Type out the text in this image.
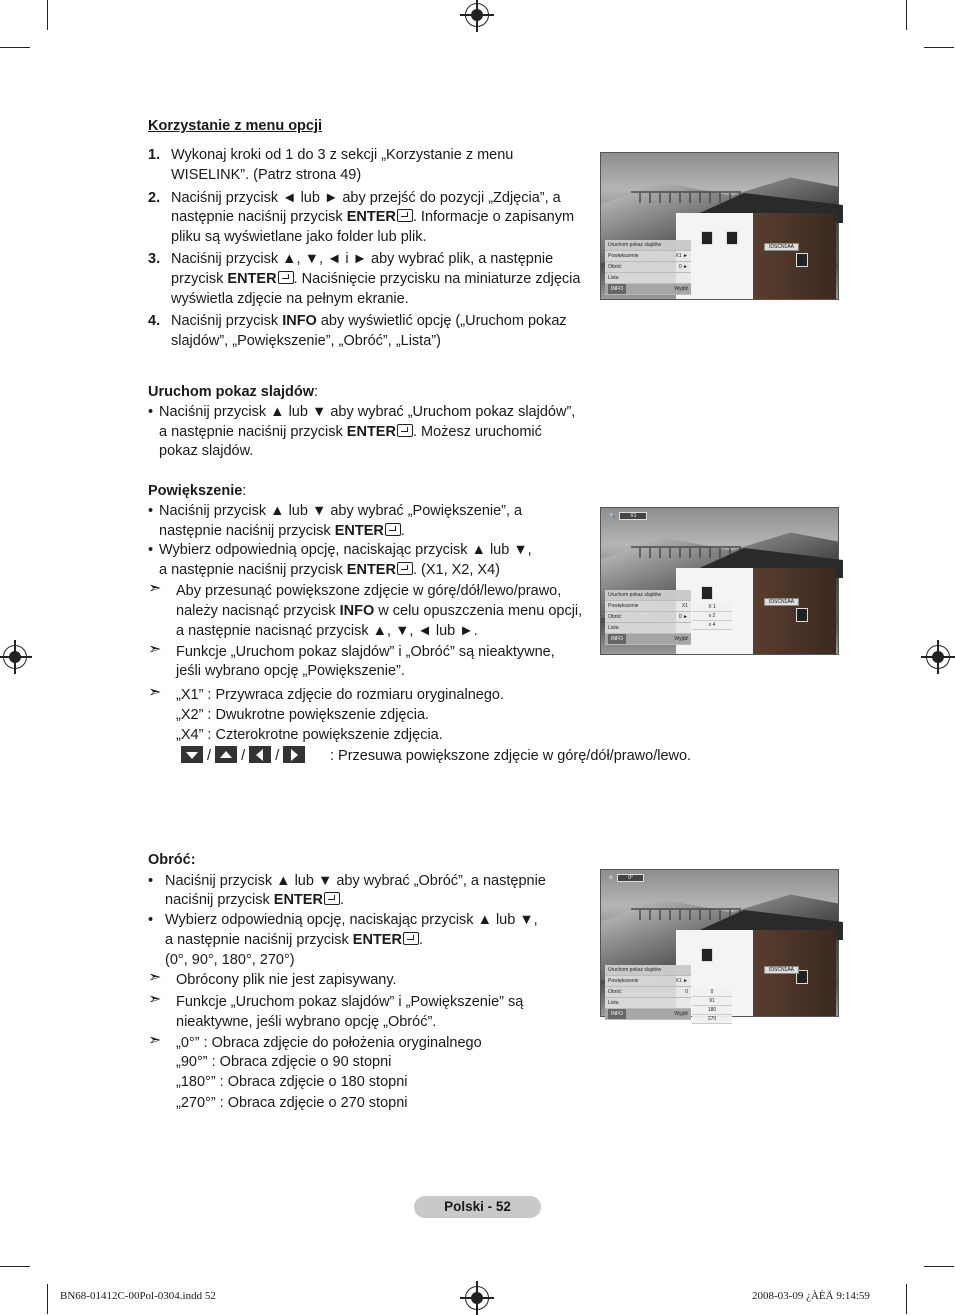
Korzystanie z menu opcji
1. Wykonaj kroki od 1 do 3 z sekcji „Korzystanie z menu
WISELINK”. (Patrz strona 49)
2. Naciśnij przycisk ◄ lub ► aby przejść do pozycji „Zdjęcia”, a
następnie naciśnij przycisk ENTER . Informacje o zapisanym
pliku są wyświetlane jako folder lub plik.
3. Naciśnij przycisk ▲, ▼, ◄ i ► aby wybrać plik, a następnie
przycisk ENTER . Naciśnięcie przycisku na miniaturze zdjęcia
wyświetla zdjęcie na pełnym ekranie.
4. Naciśnij przycisk INFO aby wyświetlić opcję („Uruchom pokaz
slajdów”, „Powiększenie”, „Obróć”, „Lista”)
Uruchom pokaz slajdów:
• Naciśnij przycisk ▲ lub ▼ aby wybrać „Uruchom pokaz slajdów”,
a następnie naciśnij przycisk ENTER . Możesz uruchomić
pokaz slajdów.
Powiększenie:
• Naciśnij przycisk ▲ lub ▼ aby wybrać „Powiększenie”, a
następnie naciśnij przycisk ENTER .
• Wybierz odpowiednią opcję, naciskając przycisk ▲ lub ▼,
a następnie naciśnij przycisk ENTER . (X1, X2, X4)
➣ Aby przesunąć powiększone zdjęcie w górę/dół/lewo/prawo,
należy nacisnąć przycisk INFO w celu opuszczenia menu opcji,
a następnie nacisnąć przycisk ▲, ▼, ◄ lub ►.
➣ Funkcje „Uruchom pokaz slajdów” i „Obróć” są nieaktywne,
jeśli wybrano opcję „Powiększenie”.
➣ „X1” : Przywraca zdjęcie do rozmiaru oryginalnego.
„X2” : Dwukrotne powiększenie zdjęcia.
„X4” : Czterokrotne powiększenie zdjęcia.
/ / /	: Przesuwa powiększone zdjęcie w górę/dół/prawo/lewo.
Obróć:
• Naciśnij przycisk ▲ lub ▼ aby wybrać „Obróć”, a następnie
naciśnij przycisk ENTER .
• Wybierz odpowiednią opcję, naciskając przycisk ▲ lub ▼,
a następnie naciśnij przycisk ENTER .
(0°, 90°, 180°, 270°)
➣ Obrócony plik nie jest zapisywany.
➣ Funkcje „Uruchom pokaz slajdów” i „Powiększenie” są
nieaktywne, jeśli wybrano opcję „Obróć”.
➣ „0°” : Obraca zdjęcie do położenia oryginalnego
„90°” : Obraca zdjęcie o 90 stopni
„180°” : Obraca zdjęcie o 180 stopni
„270°” : Obraca zdjęcie o 270 stopni
IDSCN1AA
Uruchom pokaz slajdów
Powiększenie	X1 ►
Obróć	0 ►
Lista
INFO	Wyjdź
IDSCN1AA
🔍	X1
Uruchom pokaz slajdów
Powiększenie	X1
Obróć	0 ►
Lista
INFO	Wyjdź
X 1
x 2
x 4
IDSCN1AA
⟳	0°
Uruchom pokaz slajdów
Powiększenie	X1 ►
Obróć	0
Lista
INFO	Wyjdź
0
91
180
270
Polski - 52
BN68-01412C-00Pol-0304.indd 52	2008-03-09 ¿ÀÈÄ 9:14:59
